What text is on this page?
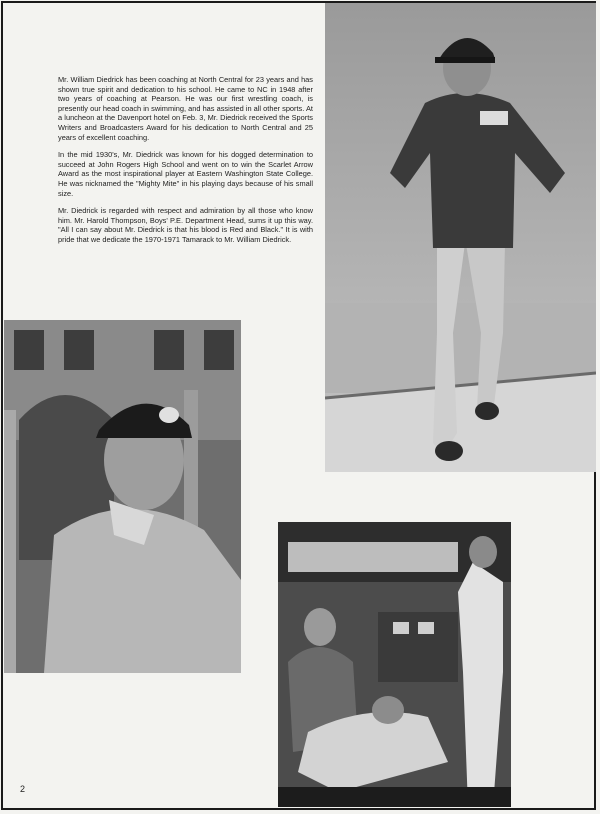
Mr. William Diedrick has been coaching at North Central for 23 years and has shown true spirit and dedication to his school. He came to NC in 1948 after two years of coaching at Pearson. He was our first wrestling coach, is presently our head coach in swimming, and has assisted in all other sports. At a luncheon at the Davenport hotel on Feb. 3, Mr. Diedrick received the Sports Writers and Broadcasters Award for his dedication to North Central and 25 years of excellent coaching.

In the mid 1930's, Mr. Diedrick was known for his dogged determination to succeed at John Rogers High School and went on to win the Scarlet Arrow Award as the most inspirational player at Eastern Washington State College. He was nicknamed the "Mighty Mite" in his playing days because of his small size.

Mr. Diedrick is regarded with respect and admiration by all those who know him. Mr. Harold Thompson, Boys' P.E. Department Head, sums it up this way. "All I can say about Mr. Diedrick is that his blood is Red and Black." It is with pride that we dedicate the 1970-1971 Tamarack to Mr. William Diedrick.

2
